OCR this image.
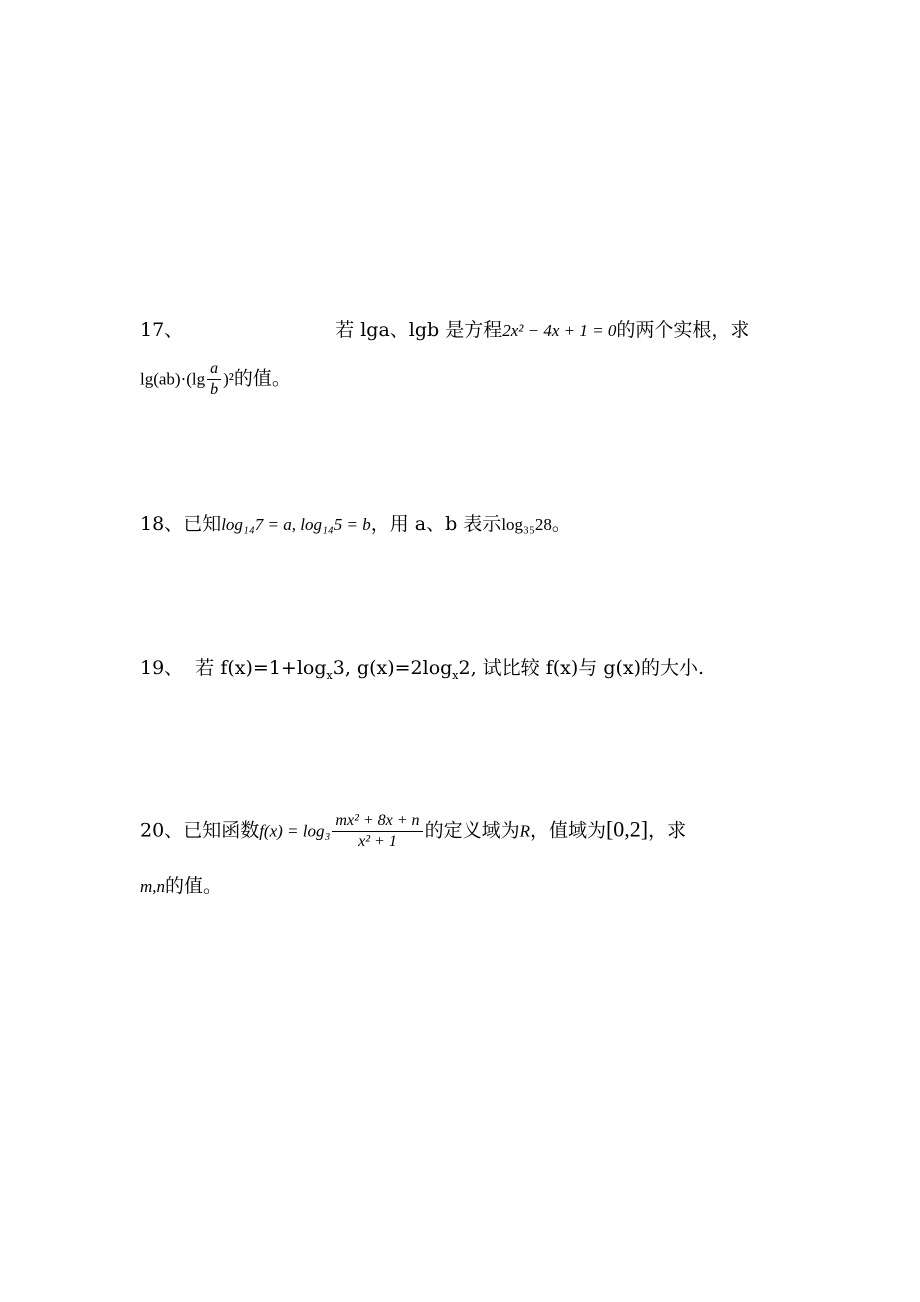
17、	若 lga、lgb 是方程2x² − 4x + 1 = 0的两个实根，求
$\lg(ab)\cdot(\lg \frac{a}{b} )^2$的值。
18、已知log₁₄7 = a, log₁₄5 = b，用 a、b 表示log₃₅28。
19、 若 $f(x)=1+\log_x3$, $g(x)=2\log_x2$, 试比较 f(x)与 g(x)的大小.
20、已知函数$f(x) = \log_3 \frac{\text{mx² + 8x + n}}{\text{x² + 1}}$ 的定义域为R，值域为[0,2]，求
m,n的值。
